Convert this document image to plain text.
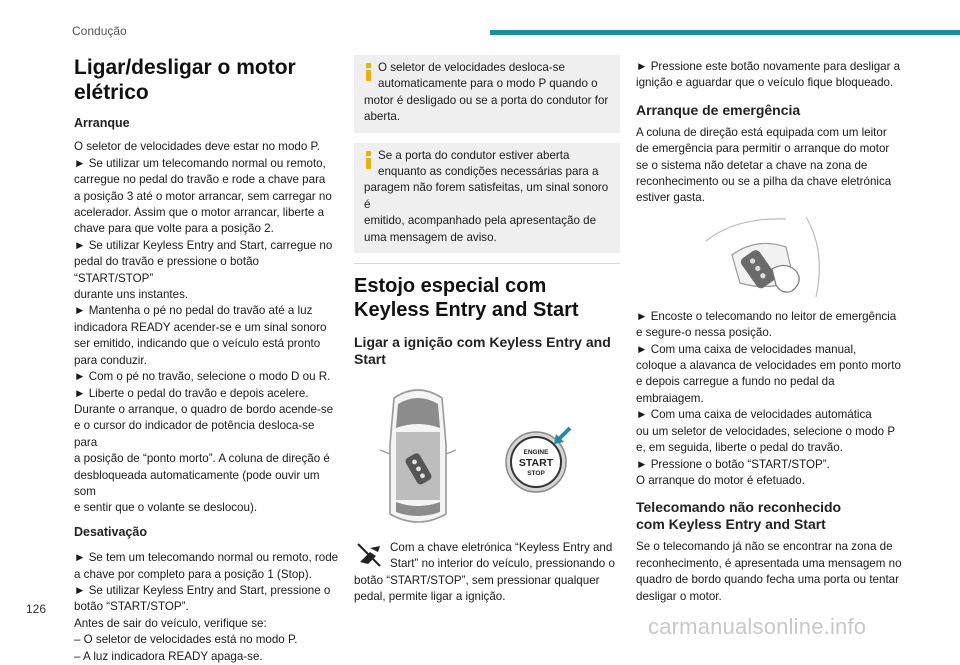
Condução
Ligar/desligar o motor elétrico
Arranque

O seletor de velocidades deve estar no modo P.
► Se utilizar um telecomando normal ou remoto,
carregue no pedal do travão e rode a chave para
a posição 3 até o motor arrancar, sem carregar no
acelerador. Assim que o motor arrancar, liberte a
chave para que volte para a posição 2.
► Se utilizar Keyless Entry and Start, carregue no
pedal do travão e pressione o botão “START/STOP”
durante uns instantes.
► Mantenha o pé no pedal do travão até a luz
indicadora READY acender-se e um sinal sonoro
ser emitido, indicando que o veículo está pronto
para conduzir.
► Com o pé no travão, selecione o modo D ou R.
► Liberte o pedal do travão e depois acelere.
Durante o arranque, o quadro de bordo acende-se
e o cursor do indicador de potência desloca-se para
a posição de “ponto morto”. A coluna de direção é
desbloqueada automaticamente (pode ouvir um som
e sentir que o volante se deslocou).

Desativação

► Se tem um telecomando normal ou remoto, rode
a chave por completo para a posição 1 (Stop).
► Se utilizar Keyless Entry and Start, pressione o
botão “START/STOP”.
Antes de sair do veículo, verifique se:
– O seletor de velocidades está no modo P.
– A luz indicadora READY apaga-se.

O seletor de velocidades desloca-se
automaticamente para o modo P quando o
motor é desligado ou se a porta do condutor for
aberta.
Se a porta do condutor estiver aberta
enquanto as condições necessárias para a
paragem não forem satisfeitas, um sinal sonoro é
emitido, acompanhado pela apresentação de
uma mensagem de aviso.
Estojo especial com Keyless Entry and Start
Ligar a ignição com Keyless Entry and Start
ENGINE
START
STOP
Com a chave eletrónica “Keyless Entry and
Start” no interior do veículo, pressionando o
botão “START/STOP”, sem pressionar qualquer
pedal, permite ligar a ignição.

► Pressione este botão novamente para desligar a
ignição e aguardar que o veículo fique bloqueado.

Arranque de emergência

A coluna de direção está equipada com um leitor
de emergência para permitir o arranque do motor
se o sistema não detetar a chave na zona de
reconhecimento ou se a pilha da chave eletrónica
estiver gasta.

► Encoste o telecomando no leitor de emergência
e segure-o nessa posição.
► Com uma caixa de velocidades manual,
coloque a alavanca de velocidades em ponto morto
e depois carregue a fundo no pedal da embraiagem.
► Com uma caixa de velocidades automática
ou um seletor de velocidades, selecione o modo P
e, em seguida, liberte o pedal do travão.
► Pressione o botão “START/STOP”.
O arranque do motor é efetuado.

Telecomando não reconhecido com Keyless Entry and Start

Se o telecomando já não se encontrar na zona de
reconhecimento, é apresentada uma mensagem no
quadro de bordo quando fecha uma porta ou tentar
desligar o motor.

126
carmanualsonline.info
